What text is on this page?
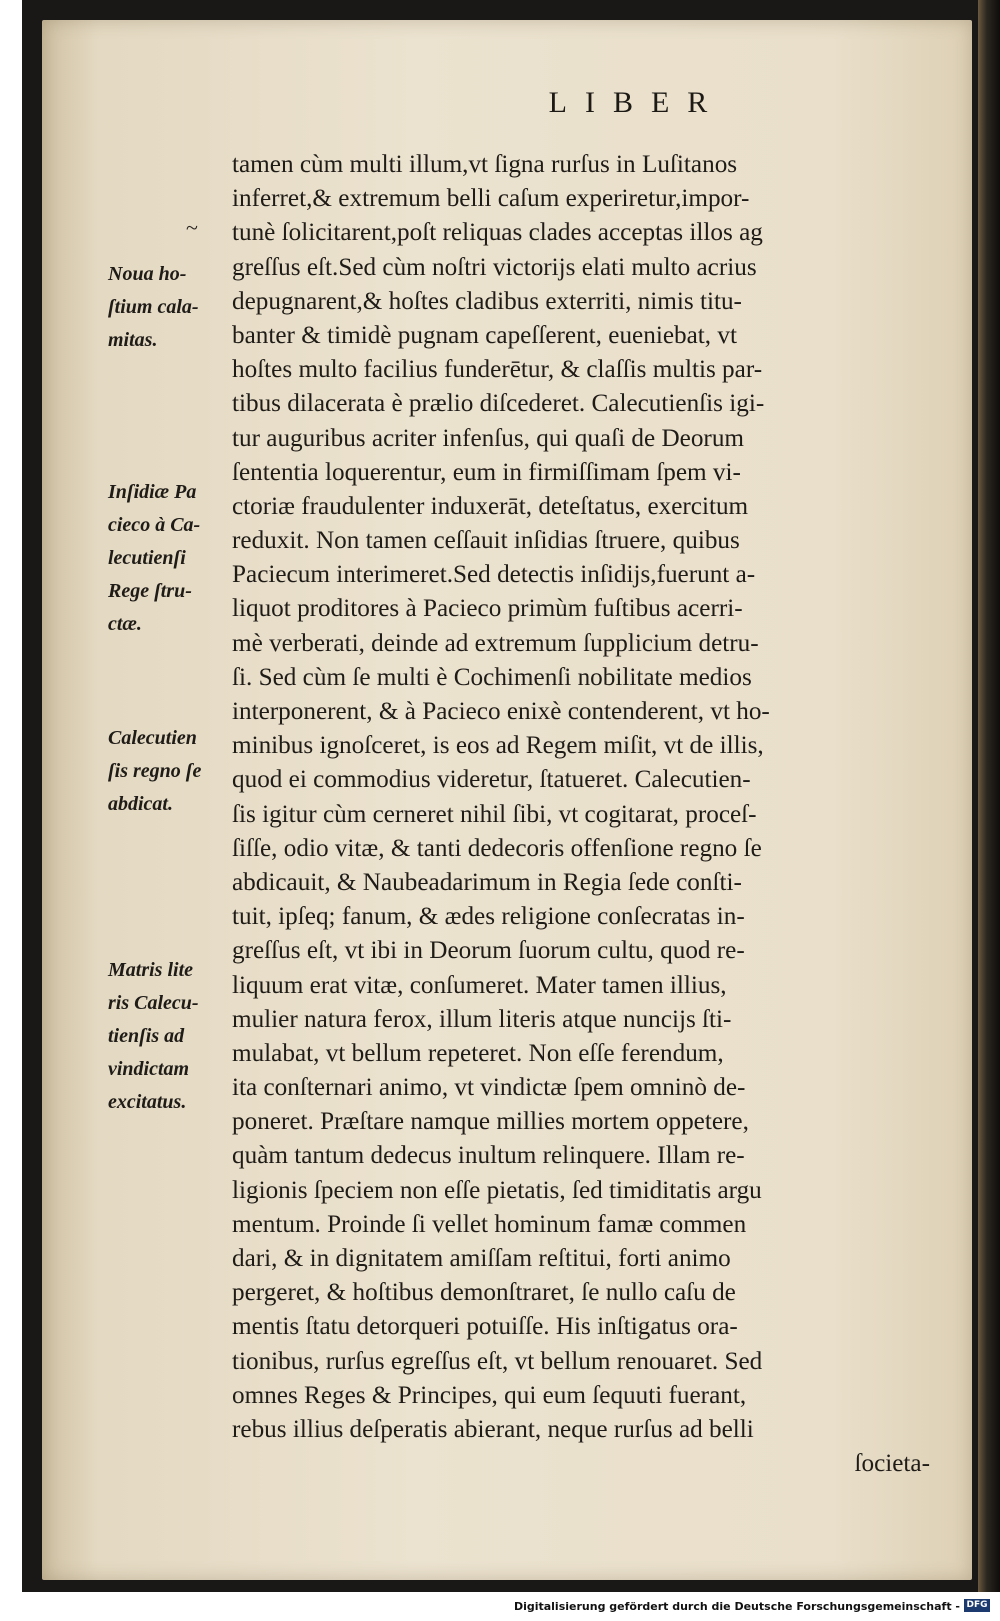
LIBER
~
Noua ho-
ſtium cala-
mitas.
Inſidiæ Pa
cieco à Ca-
lecutienſi
Rege ſtru-
ctæ.
Calecutien
ſis regno ſe
abdicat.
Matris lite
ris Calecu-
tienſis ad
vindictam
excitatus.
tamen cùm multi illum,vt ſigna rurſus in Luſitanos
inferret,& extremum belli caſum experiretur,impor-
tunè ſolicitarent,poſt reliquas clades acceptas illos ag
greſſus eſt.Sed cùm noſtri victorijs elati multo acrius
depugnarent,& hoſtes cladibus exterriti, nimis titu-
banter & timidè pugnam capeſſerent, eueniebat, vt
hoſtes multo facilius funderētur, & claſſis multis par-
tibus dilacerata è prælio diſcederet. Calecutienſis igi-
tur auguribus acriter infenſus, qui quaſi de Deorum
ſententia loquerentur, eum in firmiſſimam ſpem vi-
ctoriæ fraudulenter induxerāt, deteſtatus, exercitum
reduxit. Non tamen ceſſauit inſidias ſtruere, quibus
Paciecum interimeret.Sed detectis inſidijs,fuerunt a-
liquot proditores à Pacieco primùm fuſtibus acerri-
mè verberati, deinde ad extremum ſupplicium detru-
ſi. Sed cùm ſe multi è Cochimenſi nobilitate medios
interponerent, & à Pacieco enixè contenderent, vt ho-
minibus ignoſceret, is eos ad Regem miſit, vt de illis,
quod ei commodius videretur, ſtatueret. Calecutien-
ſis igitur cùm cerneret nihil ſibi, vt cogitarat, proceſ-
ſiſſe, odio vitæ, & tanti dedecoris offenſione regno ſe
abdicauit, & Naubeadarimum in Regia ſede conſti-
tuit, ipſeq; fanum, & ædes religione conſecratas in-
greſſus eſt, vt ibi in Deorum ſuorum cultu, quod re-
liquum erat vitæ, conſumeret. Mater tamen illius,
mulier natura ferox, illum literis atque nuncijs ſti-
mulabat, vt bellum repeteret. Non eſſe ferendum,
ita conſternari animo, vt vindictæ ſpem omninò de-
poneret. Præſtare namque millies mortem oppetere,
quàm tantum dedecus inultum relinquere. Illam re-
ligionis ſpeciem non eſſe pietatis, ſed timiditatis argu
mentum. Proinde ſi vellet hominum famæ commen
dari, & in dignitatem amiſſam reſtitui, forti animo
pergeret, & hoſtibus demonſtraret, ſe nullo caſu de
mentis ſtatu detorqueri potuiſſe. His inſtigatus ora-
tionibus, rurſus egreſſus eſt, vt bellum renouaret. Sed
omnes Reges & Principes, qui eum ſequuti fuerant,
rebus illius deſperatis abierant, neque rurſus ad belli
ſocieta-
Digitalisierung gefördert durch die Deutsche Forschungsgemeinschaft - DFG
